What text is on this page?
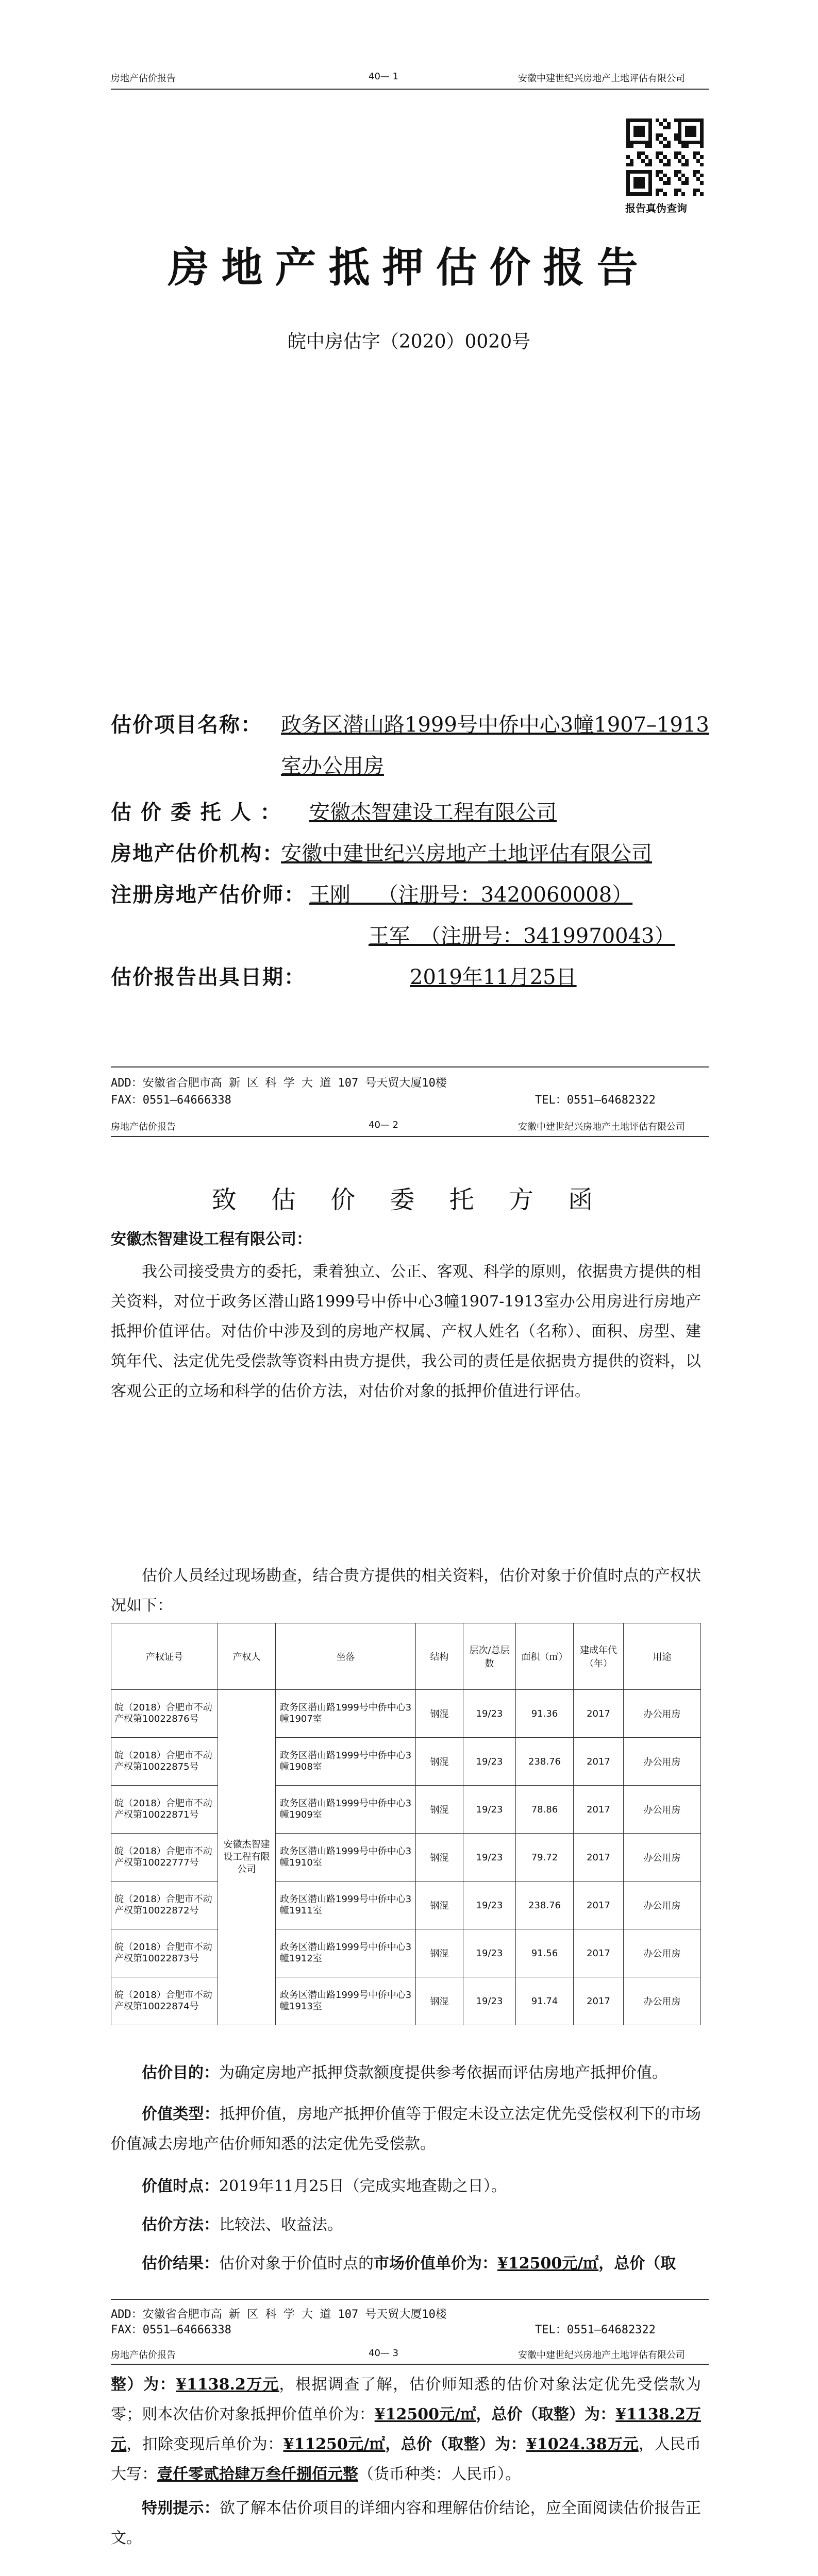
房地产估价报告	40— 1	安徽中建世纪兴房地产土地评估有限公司
报告真伪查询
房地产抵押估价报告
皖中房估字（2020）0020号
估价项目名称： 政务区潜山路1999号中侨中心3幢1907–1913
室办公用房
估 价 委 托 人 ： 安徽杰智建设工程有限公司
房地产估价机构：
安徽中建世纪兴房地产土地评估有限公司
注册房地产估价师： 王刚　 （注册号：3420060008）
王军　（注册号：3419970043）
估价报告出具日期：	2019年11月25日
ADD：安徽省合肥市高 新 区 科 学 大 道 107 号天贸大厦10楼
FAX：0551—64666338	TEL：0551—64682322
房地产估价报告	40— 2	安徽中建世纪兴房地产土地评估有限公司
致 估 价 委 托 方 函
安徽杰智建设工程有限公司：
我公司接受贵方的委托，秉着独立、公正、客观、科学的原则，依据贵方提供的相关资料，对位于政务区潜山路1999号中侨中心3幢1907-1913室办公用房进行房地产抵押价值评估。对估价中涉及到的房地产权属、产权人姓名（名称）、面积、房型、建筑年代、法定优先受偿款等资料由贵方提供，我公司的责任是依据贵方提供的资料，以客观公正的立场和科学的估价方法，对估价对象的抵押价值进行评估。
估价人员经过现场勘查，结合贵方提供的相关资料，估价对象于价值时点的产权状况如下：
产权证号	产权人	坐落	结构	层次/总层数	面积（㎡）	建成年代（年）	用途
皖（2018）合肥市不动产权第10022876号	安徽杰智建设工程有限公司	政务区潜山路1999号中侨中心3幢1907室	钢混	19/23	91.36	2017	办公用房
皖（2018）合肥市不动产权第10022875号		政务区潜山路1999号中侨中心3幢1908室	钢混	19/23	238.76	2017	办公用房
皖（2018）合肥市不动产权第10022871号		政务区潜山路1999号中侨中心3幢1909室	钢混	19/23	78.86	2017	办公用房
皖（2018）合肥市不动产权第10022777号		政务区潜山路1999号中侨中心3幢1910室	钢混	19/23	79.72	2017	办公用房
皖（2018）合肥市不动产权第10022872号		政务区潜山路1999号中侨中心3幢1911室	钢混	19/23	238.76	2017	办公用房
皖（2018）合肥市不动产权第10022873号		政务区潜山路1999号中侨中心3幢1912室	钢混	19/23	91.56	2017	办公用房
皖（2018）合肥市不动产权第10022874号		政务区潜山路1999号中侨中心3幢1913室	钢混	19/23	91.74	2017	办公用房
估价目的：为确定房地产抵押贷款额度提供参考依据而评估房地产抵押价值。
价值类型：抵押价值，房地产抵押价值等于假定未设立法定优先受偿权利下的市场价值减去房地产估价师知悉的法定优先受偿款。
价值时点：2019年11月25日（完成实地查勘之日）。
估价方法：比较法、收益法。
估价结果：估价对象于价值时点的市场价值单价为：¥12500元/㎡，总价（取
ADD：安徽省合肥市高 新 区 科 学 大 道 107 号天贸大厦10楼
FAX：0551—64666338	TEL：0551—64682322
房地产估价报告	40— 3	安徽中建世纪兴房地产土地评估有限公司
整）为：¥1138.2万元，根据调查了解，估价师知悉的估价对象法定优先受偿款为零；则本次估价对象抵押价值单价为：¥12500元/㎡，总价（取整）为：¥1138.2万元，扣除变现后单价为：¥11250元/㎡，总价（取整）为：¥1024.38万元，人民币大写：壹仟零贰拾肆万叁仟捌佰元整（货币种类：人民币）。
特别提示：欲了解本估价项目的详细内容和理解估价结论，应全面阅读估价报告正文。
